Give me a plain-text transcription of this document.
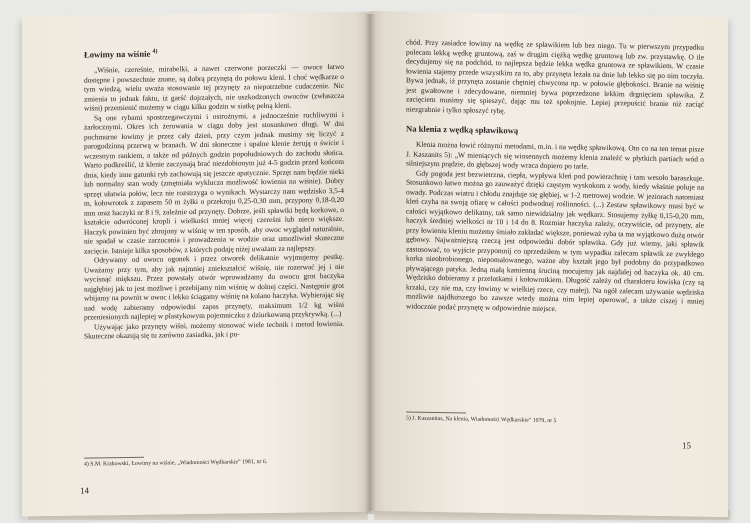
Łowimy na wiśnie $^{4)}$

„Wiśnie, czereśnie, mirabelki, a nawet czerwone porzeczki — owoce łatwo dostępne i powszechnie znane, są dobrą przynętą do połowu kleni. I choć wędkarze o tym wiedzą, wielu uważa stosowanie tej przynęty za niepotrzebne cudaczenie. Nic zmienia to jednak faktu, iż garść dojrzałych, nie uszkodzonych owoców (zwłaszcza wiśni) przemienić możemy w ciągu kilku godzin w siatkę pełną kleni.

Są one rybami spostrzegawczymi i ostrożnymi, a jednocześnie ruchliwymi i żarłocznymi. Okres ich żerowania w ciągu doby jest stosunkowo długi. W dni pochmurne łowimy je przez cały dzień, przy czym jednak musimy się liczyć z parogodzinną przerwą w branach. W dni słoneczne i upalne klenie żerują o świcie i wczesnym rankiem, a także od późnych godzin popołudniowych do zachodu słońca. Warto podkreślić, iż klenie zaczynają brać niezdobionym już 4-5 godzin przed końcem dnia, kiedy inne gatunki ryb zachowują się jeszcze apatycznie. Sprzęt nam będzie nieki lub normalny stan wody (zmętniała wyklucza możliwość łowienia na wiśnie). Dobry sprzęt ułatwia połów, lecz nie rozstrzyga o wynikach. Wystarczy nam wędzisko 3,5-4 m, kołowrotek z zapasem 50 m żyłki o przekroju 0,25-0,30 mm, przypony 0,18-0,20 mm oraz haczyki nr 8 i 9, zależnie od przynęty. Dobrze, jeśli spławiki będą korkowe, o kształcie odwróconej kropli i wielkości mniej więcej czereśni lub nieco większe. Haczyk powinien być zbrojony w wiśnię w ten sposób, aby owoc wyglądał naturalnie, nie spadał w czasie zarzucania i prowadzenia w wodzie oraz umożliwiał skuteczne zacięcie. Istnieje kilka sposobów, z których podaję niżej uważam za najlepszy.

Odrywamy od owocu ogonek i przez otworek delikatnie wyjmujemy pestkę. Uważamy przy tym, aby jak najmniej zniekształcić wiśnię, nie rozerwać jej i nie wycisnąć miększu. Przez powstały otwór wprowadzamy do owocu grot haczyka najgłębiej jak to jest możliwe i przebijamy nim wiśnię w dolnej części. Następnie grot wbijamy na powrót w owoc i lekko ściągamy wiśnię na kolano haczyka. Wybierając się nad wodę zabieramy odpowiedni zapas przynęty, maksimum 1/2 kg wiśni przeniesionych najlepiej w plastykowym pojemniczku z dziurkowaną przykrywką. (...)

Używając jako przynęty wiśni, możemy stosować wiele technik i metod łowienia. Skuteczne okazują się tu zarówno zasiadka, jak i po-

4) S.M. Krakowski, Łowimy na wiśnie, „Wiadomości Wędkarskie” 1981, nr 6.
14

chód. Przy zasiadce łowimy na wędkę ze spławikiem lub bez niego. Tu w pierwszym przypadku polecam lekką wędkę gruntową, zaś w drugim ciężką wędkę gruntową lub zw. przystawkę. O ile decydujemy się na podchód, to najlepsza będzie lekka wędka gruntowa ze spławikiem. W czasie łowienia stajemy przede wszystkim za to, aby przynęta leżała na dnie lub lekko się po nim toczyła. Bywa jednak, iż przynęta zostanie chętniej chwycona np. w połowie głębokości. Branie na wiśnię jest gwałtowne i zdecydowane, niemniej bywa poprzedzone lekkim drgnięciem spławika. Z zacięciem musimy się spieszyć, dając mu też spokojnie. Lepiej przepuścić branie niż zaciąć niezgrabnie i tylko spłoszyć rybę.

Na klenia z wędką spławikową

Klenia można łowić różnymi metodami, m.in. i na wędkę spławikową. Oto co na ten temat pisze J. Kaszanits 5): „W mieniących się wiosennych możemy klenia znaleźć w płytkich partiach wód o silniejszym prądzie, do głębszej wody wraca dopiero po tarle.

Gdy pogoda jest bezwietrzna, ciepła, wypływa kleń pod powierzchnię i tam wesoło baraszkuje. Stosunkowo łatwo można go zauważyć dzięki częstym wyskokom z wody, kiedy właśnie poluje na owady. Podczas wiatru i chłodu znajduje się głębiej, w 1-2 metrowej wodzie. W jeziorach natomiast kleń czyha na swoją ofiarę w całości podwodnej roślinności. (...) Zestaw spławikowy musi być w całości wyjątkowo delikatny, tak samo niewidzialny jak wędkarz. Stosujemy żyłkę 0,15-0,20 mm, haczyk średniej wielkości nr 10 i 14 do 8. Rozmiar haczyka zależy, oczywiście, od przynęty, ale przy łowieniu kleniu możemy śmiało zakładać większe, ponieważ ryba ta ma wyjątkowo dużą otwór gębowy. Najważniejszą rzeczą jest odpowiedni dobór spławika. Gdy już wiemy, jaki spławik zastosować, to wyjście przypomnij co uprzedziłem w tym wypadku zalecam spławik ze zwykłego korka nieobrobionego, niepomalowanego, ważne aby kształt jego był podobny do przypadkowo pływającego patyka. Jedną małą kamienną śruciną mocujemy jak najdalej od haczyka ok. 40 cm. Wędzisko dobieramy z przelotkami i kołowrotkiem. Długość zależy od charakteru łowiska (czy są krzaki, czy nie ma, czy łowimy w wielkiej rzece, czy małej). Na ogół zalecam używanie wędziska możliwie najdłuższego bo zawsze wtedy można nim lepiej operować, a także ciszej i mniej widocznie podać przynętę w odpowiednie miejsce.

5) J. Kaszanitas, Na klenia, Wiadomości Wędkarskie” 1979, nr 5
15
